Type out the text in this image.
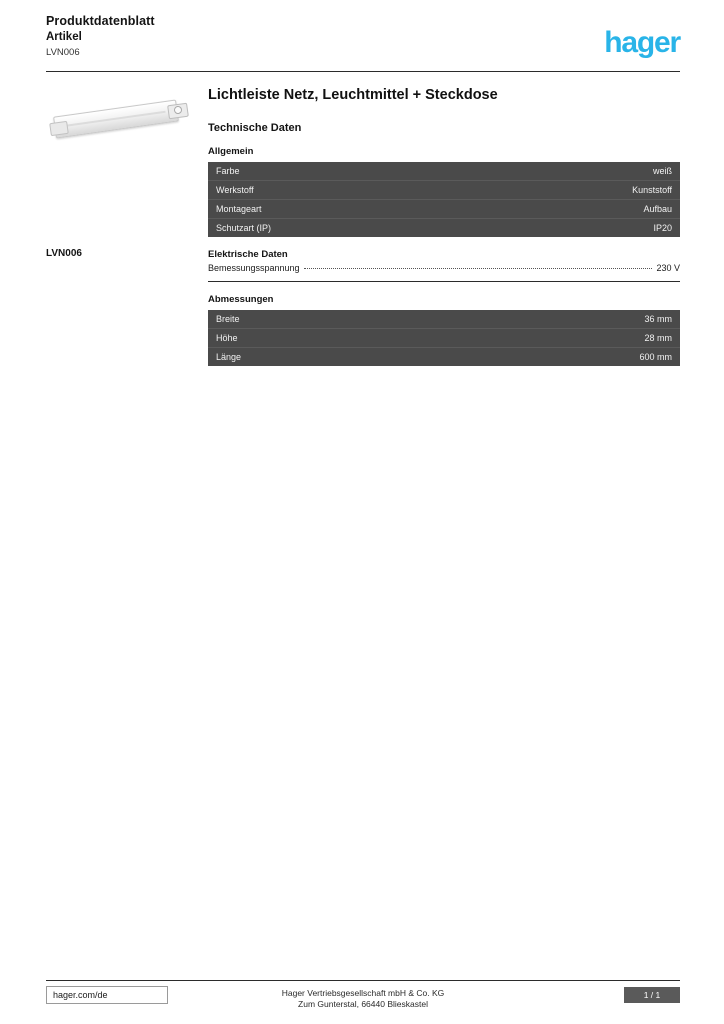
Produktdatenblatt
Artikel
LVN006	hager
LVN006
Lichtleiste Netz, Leuchtmittel + Steckdose
Technische Daten
Allgemein
Farbe	weiß
Werkstoff	Kunststoff
Montageart	Aufbau
Schutzart (IP)	IP20
Elektrische Daten
Bemessungsspannung	230 V
Abmessungen
Breite	36 mm
Höhe	28 mm
Länge	600 mm
hager.com/de	Hager Vertriebsgesellschaft mbH & Co. KG
Zum Gunterstal, 66440 Blieskastel
1 / 1
